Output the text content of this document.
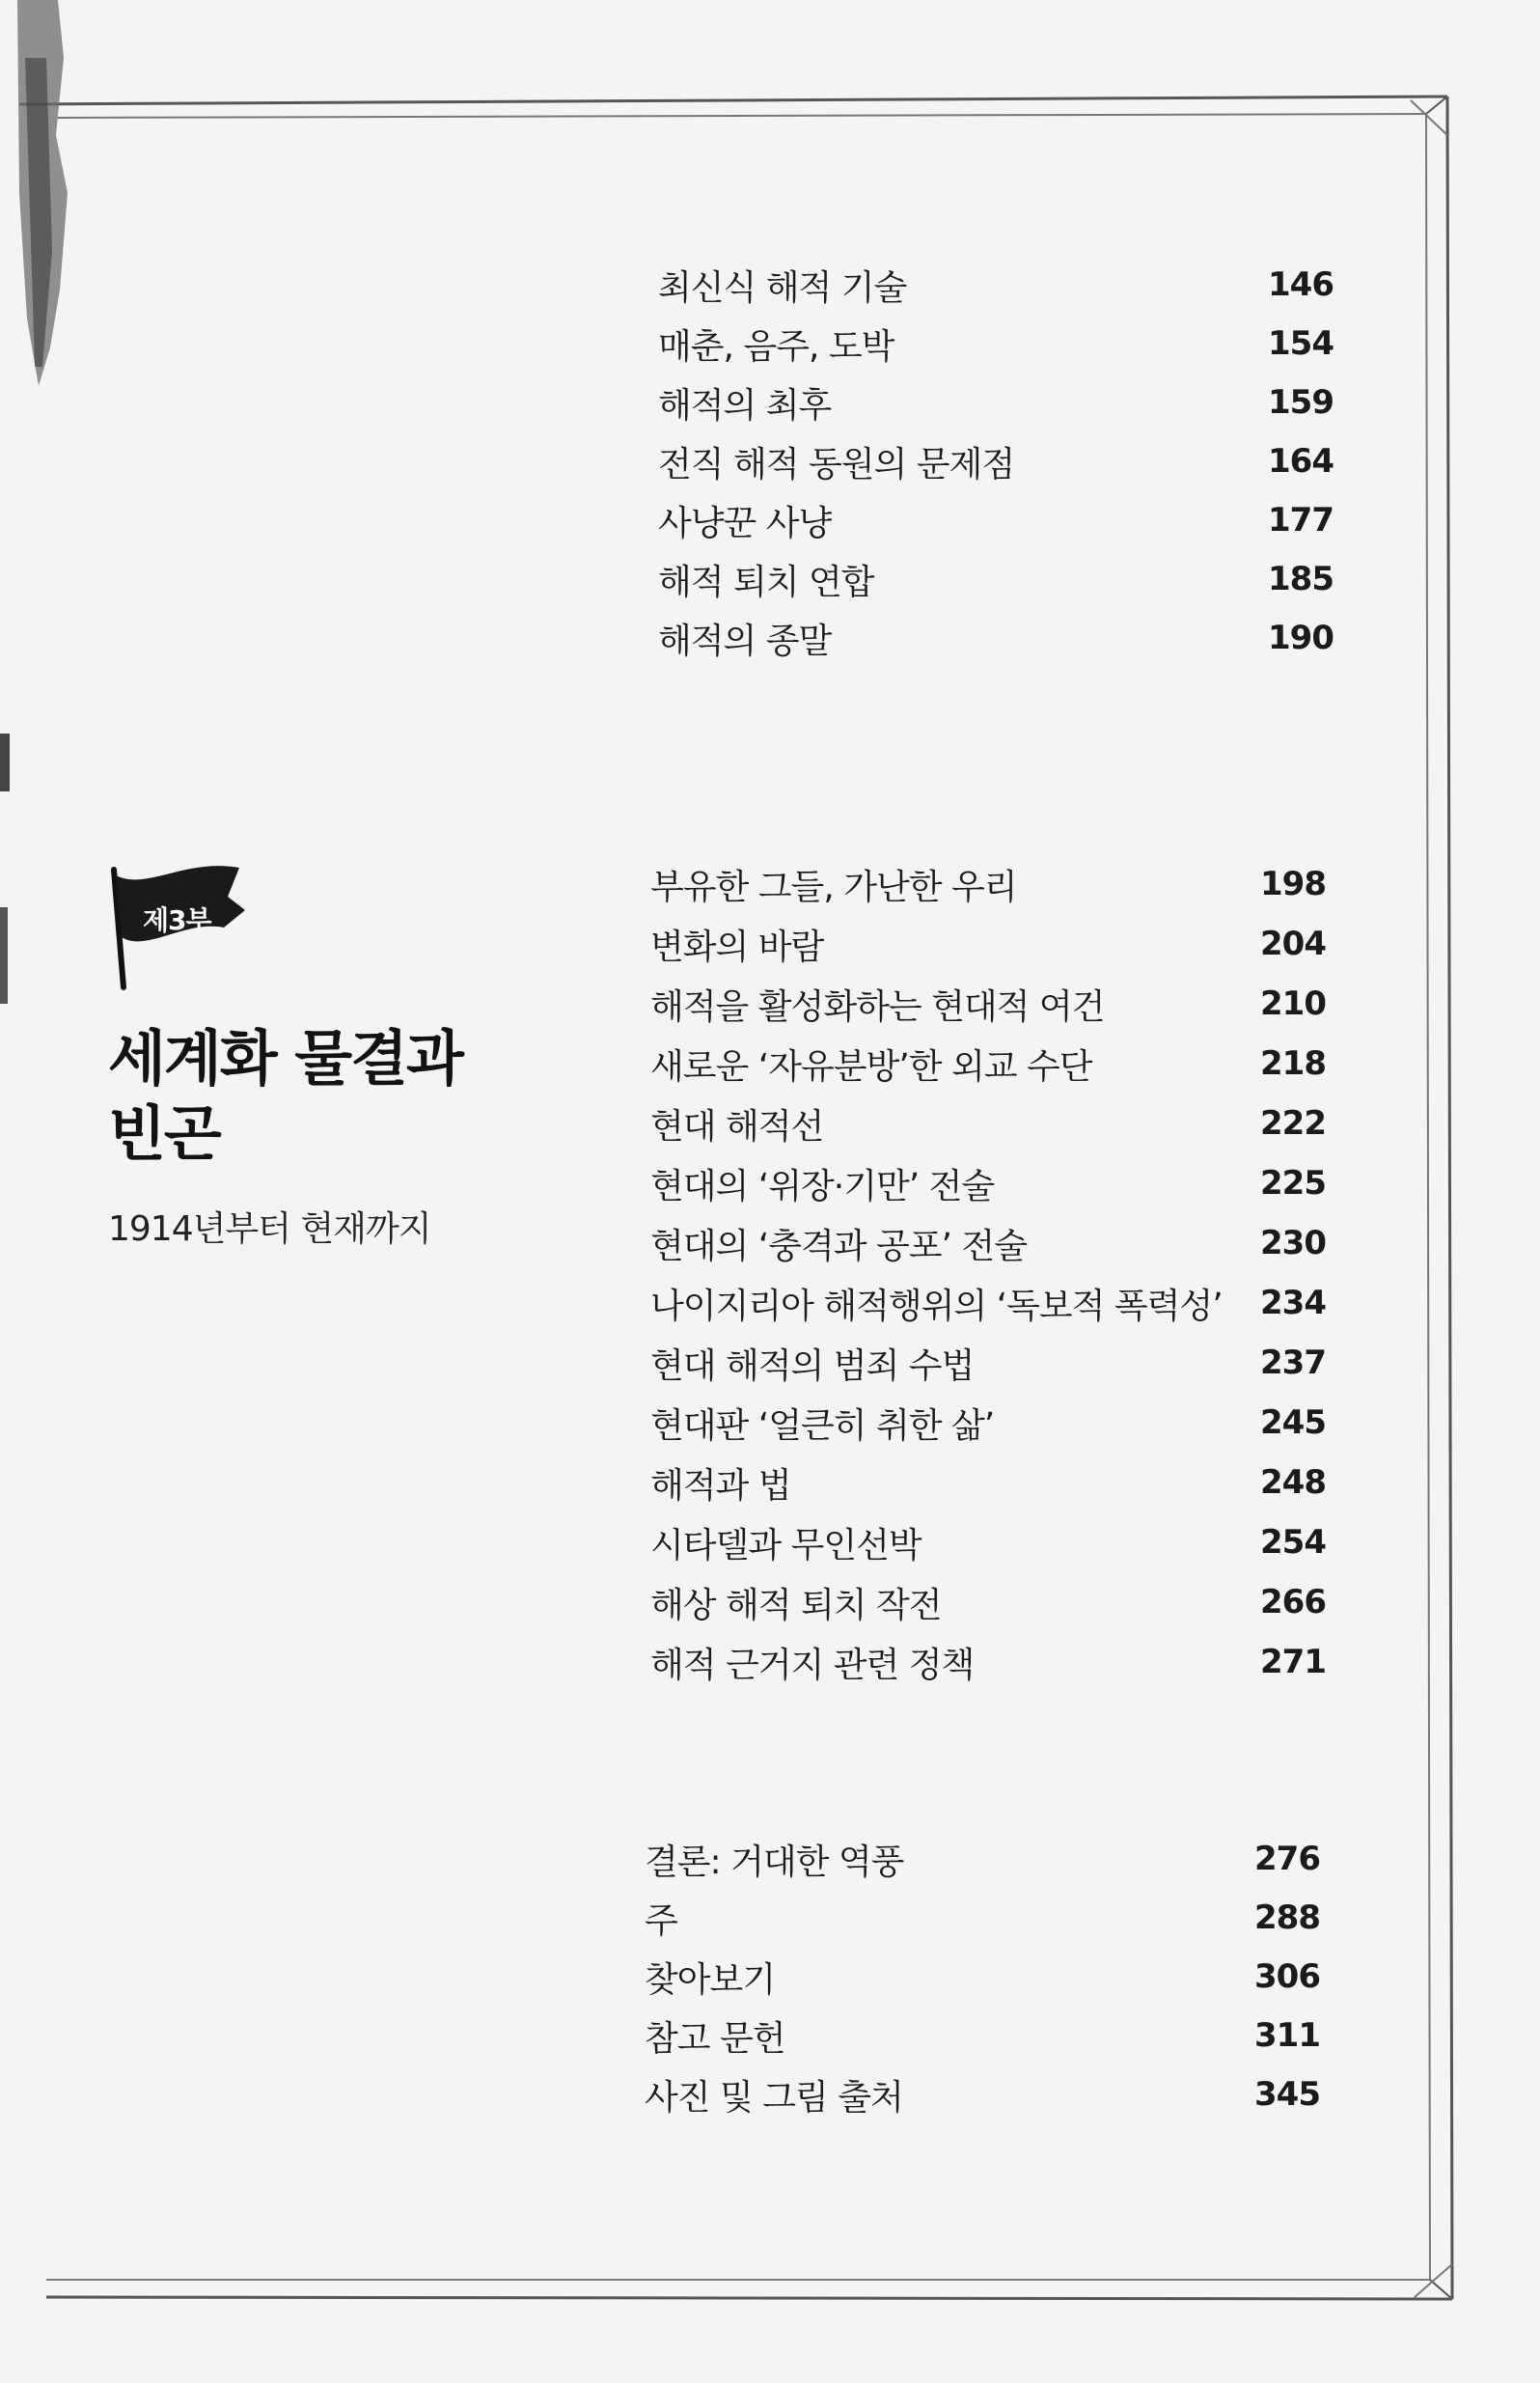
최신식 해적 기술	146
매춘, 음주, 도박	154
해적의 최후	159
전직 해적 동원의 문제점	164
사냥꾼 사냥	177
해적 퇴치 연합	185
해적의 종말	190
제3부
세계화 물결과
빈곤
1914년부터 현재까지
부유한 그들, 가난한 우리	198
변화의 바람	204
해적을 활성화하는 현대적 여건	210
새로운 ‘자유분방’한 외교 수단	218
현대 해적선	222
현대의 ‘위장·기만’ 전술	225
현대의 ‘충격과 공포’ 전술	230
나이지리아 해적행위의 ‘독보적 폭력성’ 234
현대 해적의 범죄 수법	237
현대판 ‘얼큰히 취한 삶’	245
해적과 법	248
시타델과 무인선박	254
해상 해적 퇴치 작전	266
해적 근거지 관련 정책	271
결론: 거대한 역풍	276
주	288
찾아보기	306
참고 문헌	311
사진 및 그림 출처	345
